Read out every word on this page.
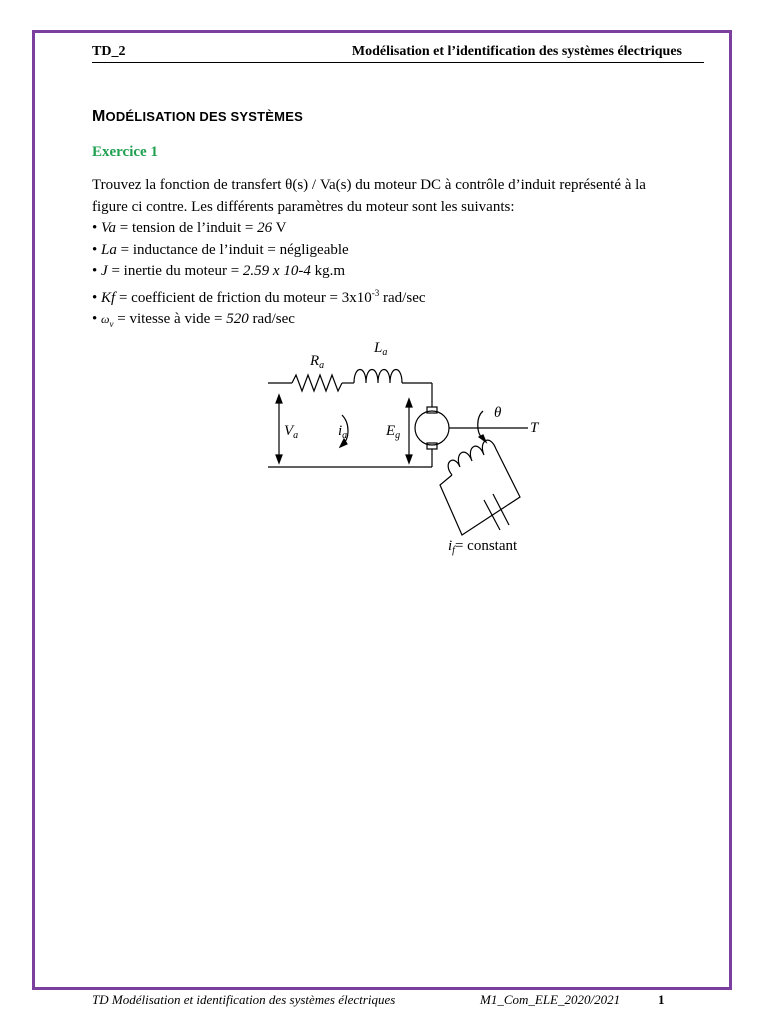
TD_2	Modélisation et l’identification des systèmes électriques
MODÉLISATION DES SYSTÈMES
Exercice 1
Trouvez la fonction de transfert θ(s) / Va(s) du moteur DC à contrôle d’induit représenté à la
figure ci contre. Les différents paramètres du moteur sont les suivants:
• Va = tension de l’induit = 26 V
• La = inductance de l’induit = négligeable
• J = inertie du moteur = 2.59 x 10-4 kg.m
• Kf = coefficient de friction du moteur = $3x10^{-3}$ rad/sec
• $\omega_v$ = vitesse à vide = 520 rad/sec
$R_a$
$L_a$
$V_a$	$i_a$	$E_g$
θ
T
$i_f=$ constant
TD Modélisation et identification des systèmes électriques	M1_Com_ELE_2020/2021	1
